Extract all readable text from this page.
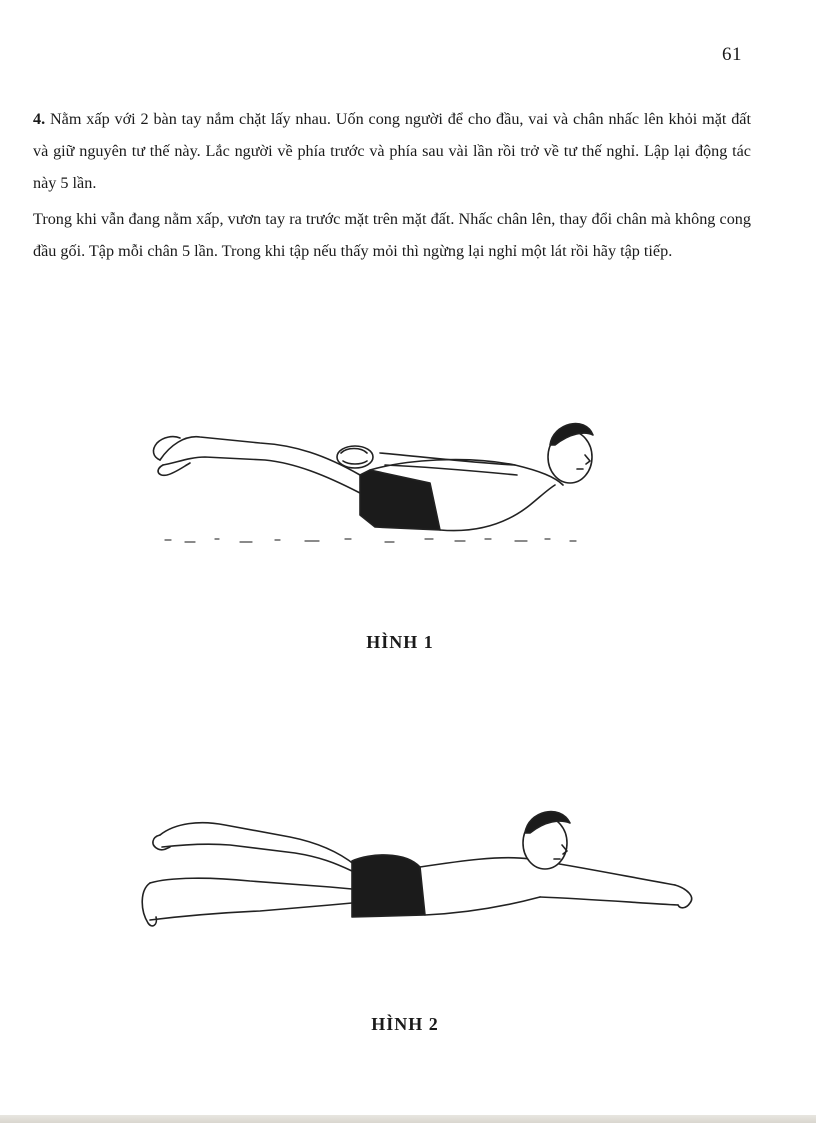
61

4. Nằm xấp với 2 bàn tay nắm chặt lấy nhau. Uốn cong người để cho đầu, vai và chân nhấc lên khỏi mặt đất và giữ nguyên tư thế này. Lắc người về phía trước và phía sau vài lần rồi trở về tư thế nghỉ. Lập lại động tác này 5 lần.

Trong khi vẫn đang nằm xấp, vươn tay ra trước mặt trên mặt đất. Nhấc chân lên, thay đổi chân mà không cong đầu gối. Tập mỗi chân 5 lần. Trong khi tập nếu thấy mỏi thì ngừng lại nghỉ một lát rồi hãy tập tiếp.

HÌNH 1
HÌNH 2
